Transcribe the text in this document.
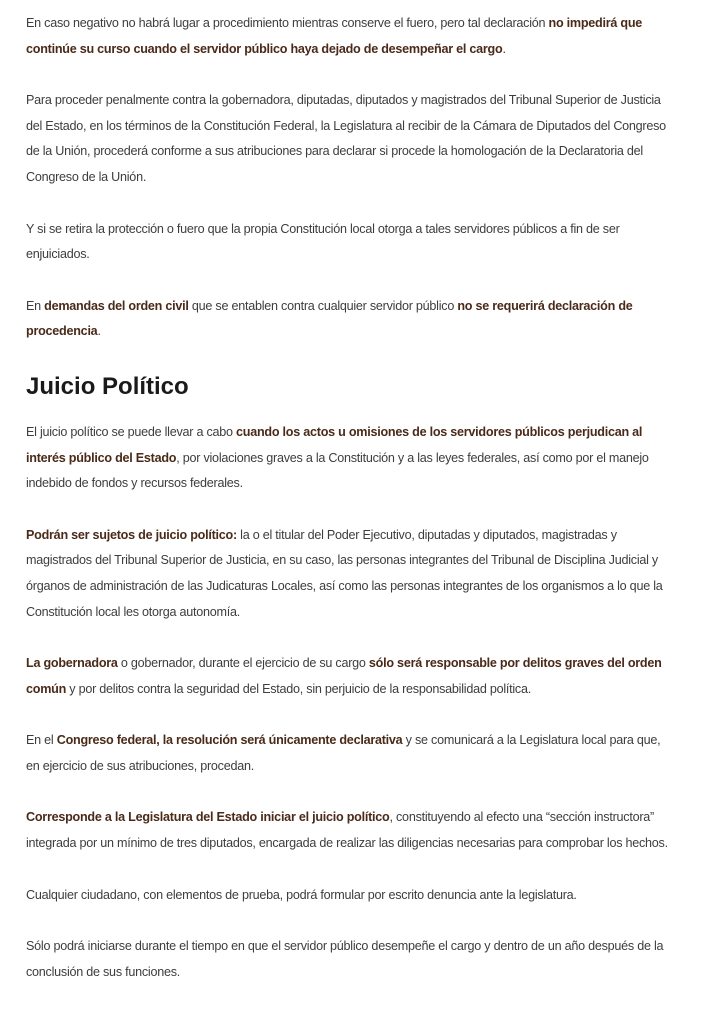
En caso negativo no habrá lugar a procedimiento mientras conserve el fuero, pero tal declaración no impedirá que continúe su curso cuando el servidor público haya dejado de desempeñar el cargo.

Para proceder penalmente contra la gobernadora, diputadas, diputados y magistrados del Tribunal Superior de Justicia del Estado, en los términos de la Constitución Federal, la Legislatura al recibir de la Cámara de Diputados del Congreso de la Unión, procederá conforme a sus atribuciones para declarar si procede la homologación de la Declaratoria del Congreso de la Unión.

Y si se retira la protección o fuero que la propia Constitución local otorga a tales servidores públicos a fin de ser enjuiciados.

En demandas del orden civil que se entablen contra cualquier servidor público no se requerirá declaración de procedencia.

Juicio Político

El juicio político se puede llevar a cabo cuando los actos u omisiones de los servidores públicos perjudican al interés público del Estado, por violaciones graves a la Constitución y a las leyes federales, así como por el manejo indebido de fondos y recursos federales.

Podrán ser sujetos de juicio político: la o el titular del Poder Ejecutivo, diputadas y diputados, magistradas y magistrados del Tribunal Superior de Justicia, en su caso, las personas integrantes del Tribunal de Disciplina Judicial y órganos de administración de las Judicaturas Locales, así como las personas integrantes de los organismos a lo que la Constitución local les otorga autonomía.

La gobernadora o gobernador, durante el ejercicio de su cargo sólo será responsable por delitos graves del orden común y por delitos contra la seguridad del Estado, sin perjuicio de la responsabilidad política.

En el Congreso federal, la resolución será únicamente declarativa y se comunicará a la Legislatura local para que, en ejercicio de sus atribuciones, procedan.

Corresponde a la Legislatura del Estado iniciar el juicio político, constituyendo al efecto una “sección instructora” integrada por un mínimo de tres diputados, encargada de realizar las diligencias necesarias para comprobar los hechos.

Cualquier ciudadano, con elementos de prueba, podrá formular por escrito denuncia ante la legislatura.

Sólo podrá iniciarse durante el tiempo en que el servidor público desempeñe el cargo y dentro de un año después de la conclusión de sus funciones.
